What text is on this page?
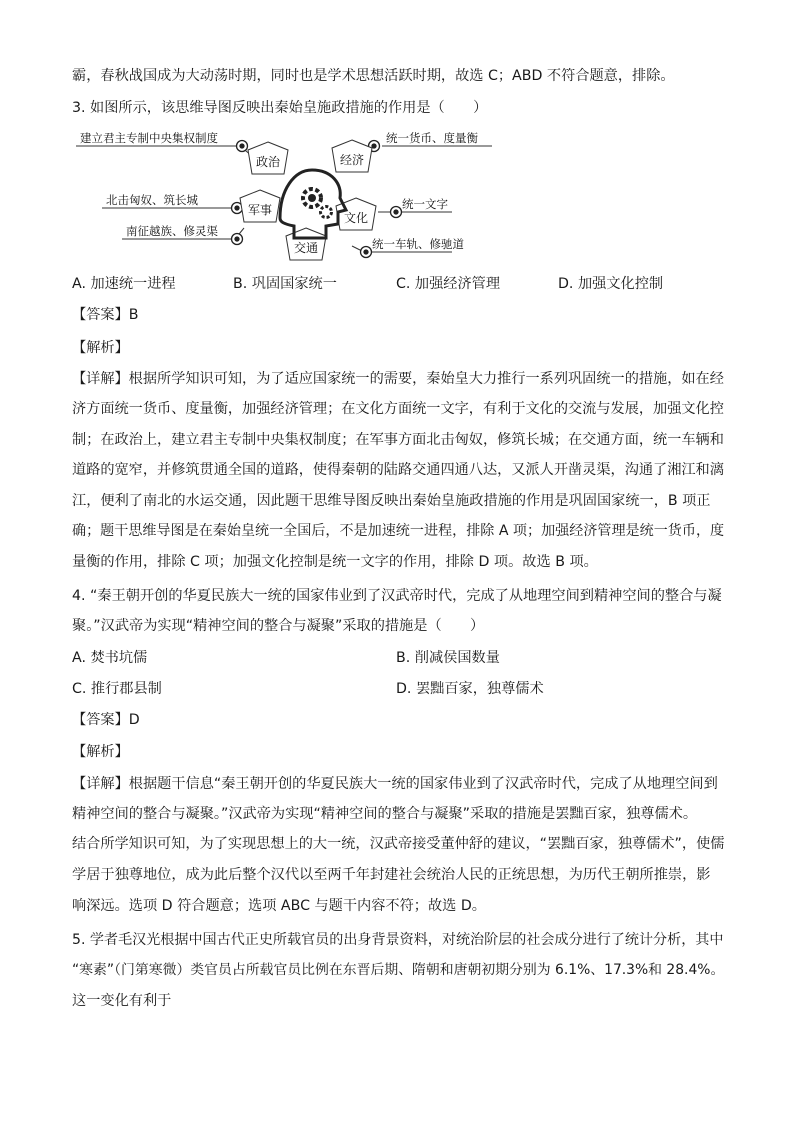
霸，春秋战国成为大动荡时期，同时也是学术思想活跃时期，故选 C；ABD 不符合题意，排除。
3. 如图所示，该思维导图反映出秦始皇施政措施的作用是（　　）
政治	经济
军事
文化
交通
建立君主专制中央集权制度	统一货币、度量衡
北击匈奴、筑长城
南征越族、修灵渠
统一文字
统一车轨、修驰道
A. 加速统一进程	B. 巩固国家统一	C. 加强经济管理	D. 加强文化控制
【答案】B
【解析】
【详解】根据所学知识可知，为了适应国家统一的需要，秦始皇大力推行一系列巩固统一的措施，如在经
济方面统一货币、度量衡，加强经济管理；在文化方面统一文字，有利于文化的交流与发展，加强文化控
制；在政治上，建立君主专制中央集权制度；在军事方面北击匈奴，修筑长城；在交通方面，统一车辆和
道路的宽窄，并修筑贯通全国的道路，使得秦朝的陆路交通四通八达，又派人开凿灵渠，沟通了湘江和漓
江，便利了南北的水运交通，因此题干思维导图反映出秦始皇施政措施的作用是巩固国家统一，B 项正
确；题干思维导图是在秦始皇统一全国后，不是加速统一进程，排除 A 项；加强经济管理是统一货币，度
量衡的作用，排除 C 项；加强文化控制是统一文字的作用，排除 D 项。故选 B 项。
4. “秦王朝开创的华夏民族大一统的国家伟业到了汉武帝时代，完成了从地理空间到精神空间的整合与凝
聚。”汉武帝为实现“精神空间的整合与凝聚”采取的措施是（　　）
A. 焚书坑儒	B. 削减侯国数量
C. 推行郡县制	D. 罢黜百家，独尊儒术
【答案】D
【解析】
【详解】根据题干信息“秦王朝开创的华夏民族大一统的国家伟业到了汉武帝时代，完成了从地理空间到
精神空间的整合与凝聚。”汉武帝为实现“精神空间的整合与凝聚”采取的措施是罢黜百家，独尊儒术。
结合所学知识可知，为了实现思想上的大一统，汉武帝接受董仲舒的建议，“罢黜百家，独尊儒术”，使儒
学居于独尊地位，成为此后整个汉代以至两千年封建社会统治人民的正统思想，为历代王朝所推崇，影
响深远。选项 D 符合题意；选项 ABC 与题干内容不符；故选 D。
5. 学者毛汉光根据中国古代正史所载官员的出身背景资料，对统治阶层的社会成分进行了统计分析，其中
“寒素”（门第寒微）类官员占所载官员比例在东晋后期、隋朝和唐朝初期分别为 6.1%、17.3%和 28.4%。
这一变化有利于
